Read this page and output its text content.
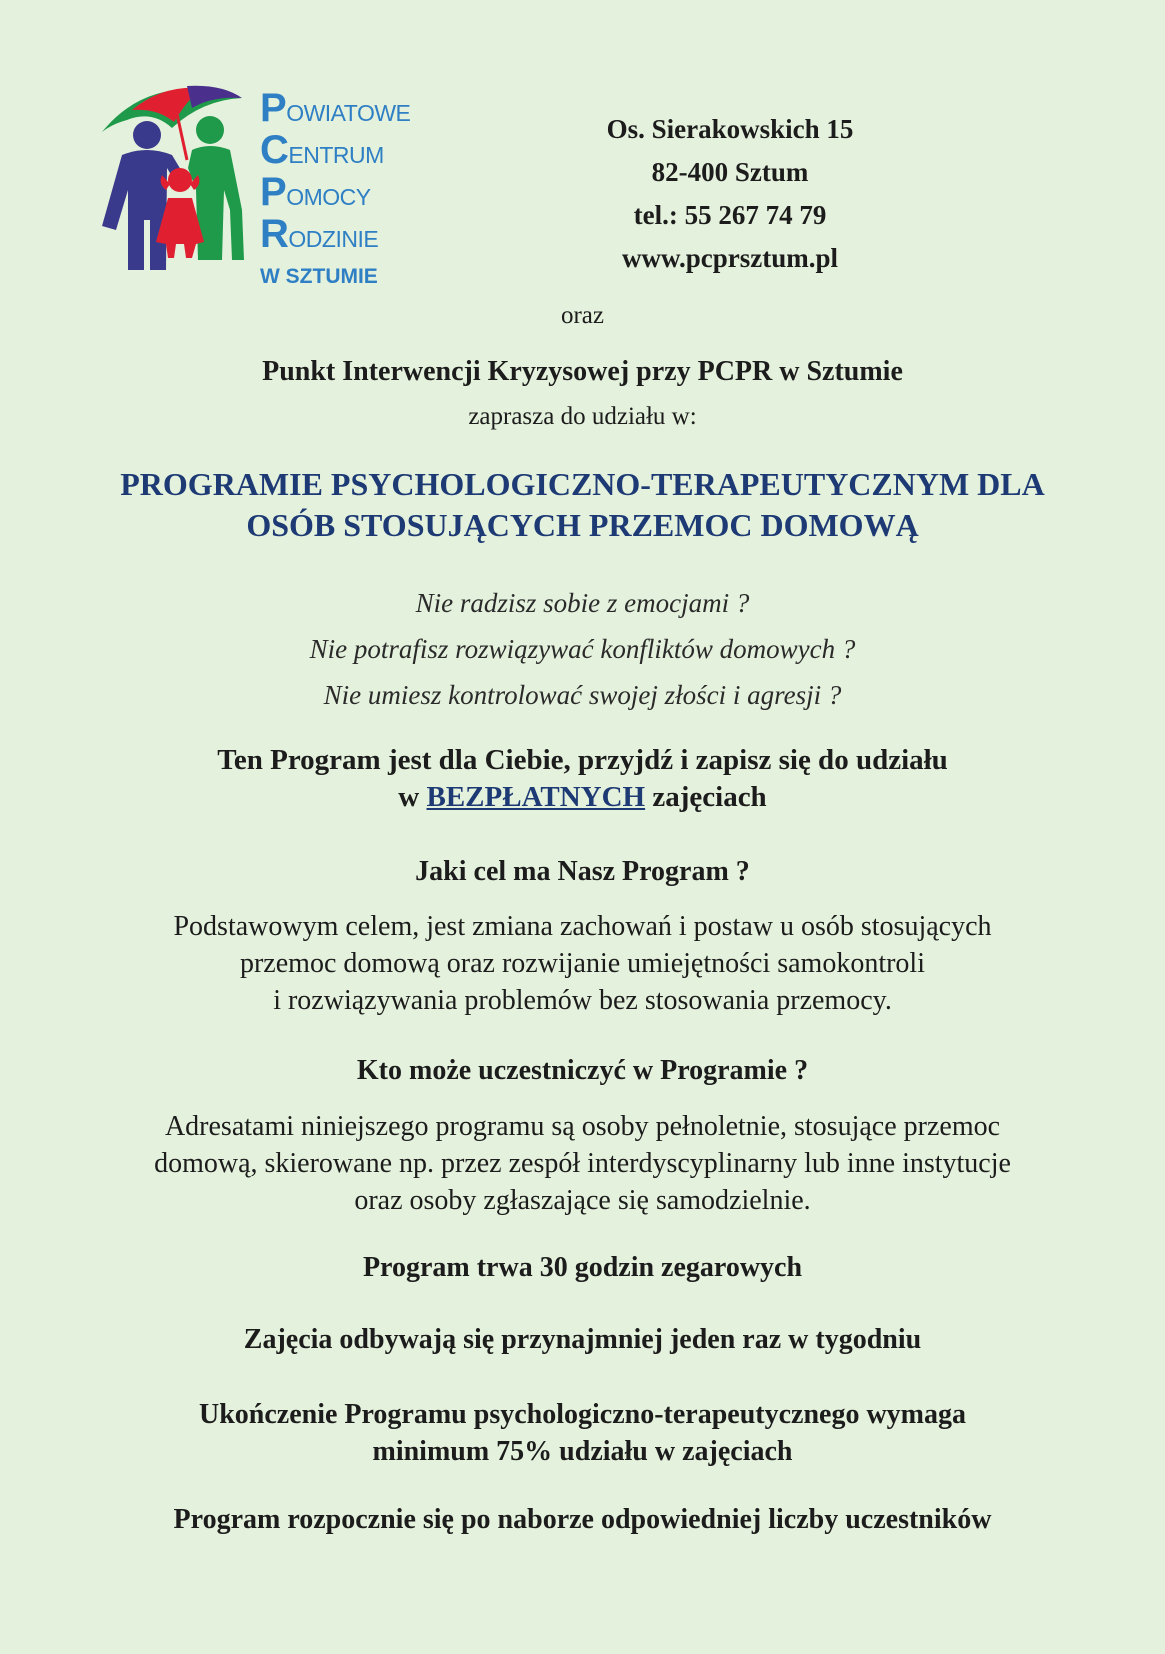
POWIATOWE
CENTRUM
POMOCY
RODZINIE
W SZTUMIE
Os. Sierakowskich 15
82-400 Sztum
tel.: 55 267 74 79
www.pcprsztum.pl
oraz
Punkt Interwencji Kryzysowej przy PCPR w Sztumie
zaprasza do udziału w:
PROGRAMIE PSYCHOLOGICZNO-TERAPEUTYCZNYM DLA
OSÓB STOSUJĄCYCH PRZEMOC DOMOWĄ
Nie radzisz sobie z emocjami ?
Nie potrafisz rozwiązywać konfliktów domowych ?
Nie umiesz kontrolować swojej złości i agresji ?
Ten Program jest dla Ciebie, przyjdź i zapisz się do udziału
w BEZPŁATNYCH zajęciach
Jaki cel ma Nasz Program ?
Podstawowym celem, jest zmiana zachowań i postaw u osób stosujących
przemoc domową oraz rozwijanie umiejętności samokontroli
i rozwiązywania problemów bez stosowania przemocy.
Kto może uczestniczyć w Programie ?
Adresatami niniejszego programu są osoby pełnoletnie, stosujące przemoc
domową, skierowane np. przez zespół interdyscyplinarny lub inne instytucje
oraz osoby zgłaszające się samodzielnie.
Program trwa 30 godzin zegarowych
Zajęcia odbywają się przynajmniej jeden raz w tygodniu
Ukończenie Programu psychologiczno-terapeutycznego wymaga
minimum 75% udziału w zajęciach
Program rozpocznie się po naborze odpowiedniej liczby uczestników
